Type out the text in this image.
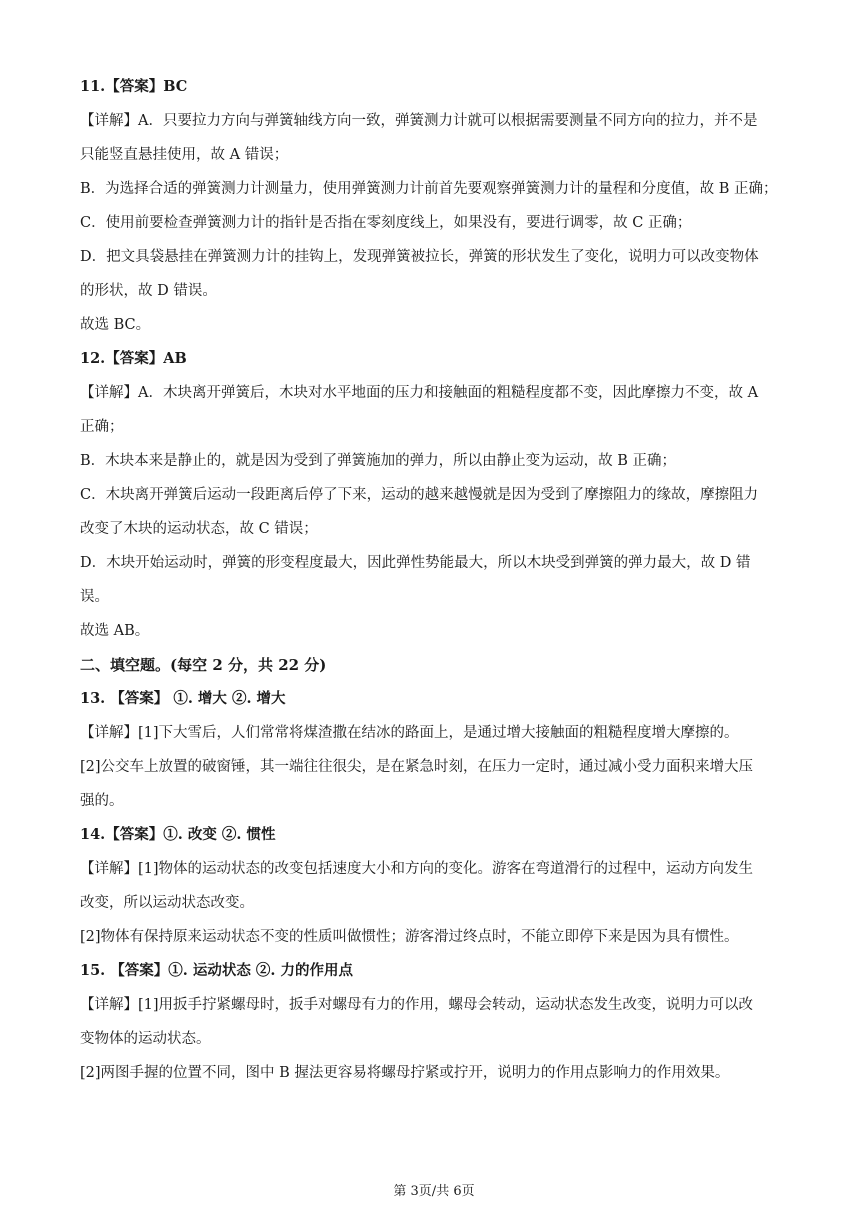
11.【答案】BC
【详解】A．只要拉力方向与弹簧轴线方向一致，弹簧测力计就可以根据需要测量不同方向的拉力，并不是
只能竖直悬挂使用，故 A 错误；
B．为选择合适的弹簧测力计测量力，使用弹簧测力计前首先要观察弹簧测力计的量程和分度值，故 B 正确；
C．使用前要检查弹簧测力计的指针是否指在零刻度线上，如果没有，要进行调零，故 C 正确；
D．把文具袋悬挂在弹簧测力计的挂钩上，发现弹簧被拉长，弹簧的形状发生了变化，说明力可以改变物体
的形状，故 D 错误。
故选 BC。
12.【答案】AB
【详解】A．木块离开弹簧后，木块对水平地面的压力和接触面的粗糙程度都不变，因此摩擦力不变，故 A
正确；
B．木块本来是静止的，就是因为受到了弹簧施加的弹力，所以由静止变为运动，故 B 正确；
C．木块离开弹簧后运动一段距离后停了下来，运动的越来越慢就是因为受到了摩擦阻力的缘故，摩擦阻力
改变了木块的运动状态，故 C 错误；
D．木块开始运动时，弹簧的形变程度最大，因此弹性势能最大，所以木块受到弹簧的弹力最大，故 D 错
误。
故选 AB。
二、填空题。(每空 2 分，共 22 分)
13. 【答案】 ①. 增大 ②. 增大
【详解】[1]下大雪后，人们常常将煤渣撒在结冰的路面上，是通过增大接触面的粗糙程度增大摩擦的。
[2]公交车上放置的破窗锤，其一端往往很尖，是在紧急时刻，在压力一定时，通过减小受力面积来增大压
强的。
14.【答案】①. 改变 ②. 惯性
【详解】[1]物体的运动状态的改变包括速度大小和方向的变化。游客在弯道滑行的过程中，运动方向发生
改变，所以运动状态改变。
[2]物体有保持原来运动状态不变的性质叫做惯性；游客滑过终点时，不能立即停下来是因为具有惯性。
15. 【答案】①. 运动状态 ②. 力的作用点
【详解】[1]用扳手拧紧螺母时，扳手对螺母有力的作用，螺母会转动，运动状态发生改变，说明力可以改
变物体的运动状态。
[2]两图手握的位置不同，图中 B 握法更容易将螺母拧紧或拧开，说明力的作用点影响力的作用效果。
第 3页/共 6页
